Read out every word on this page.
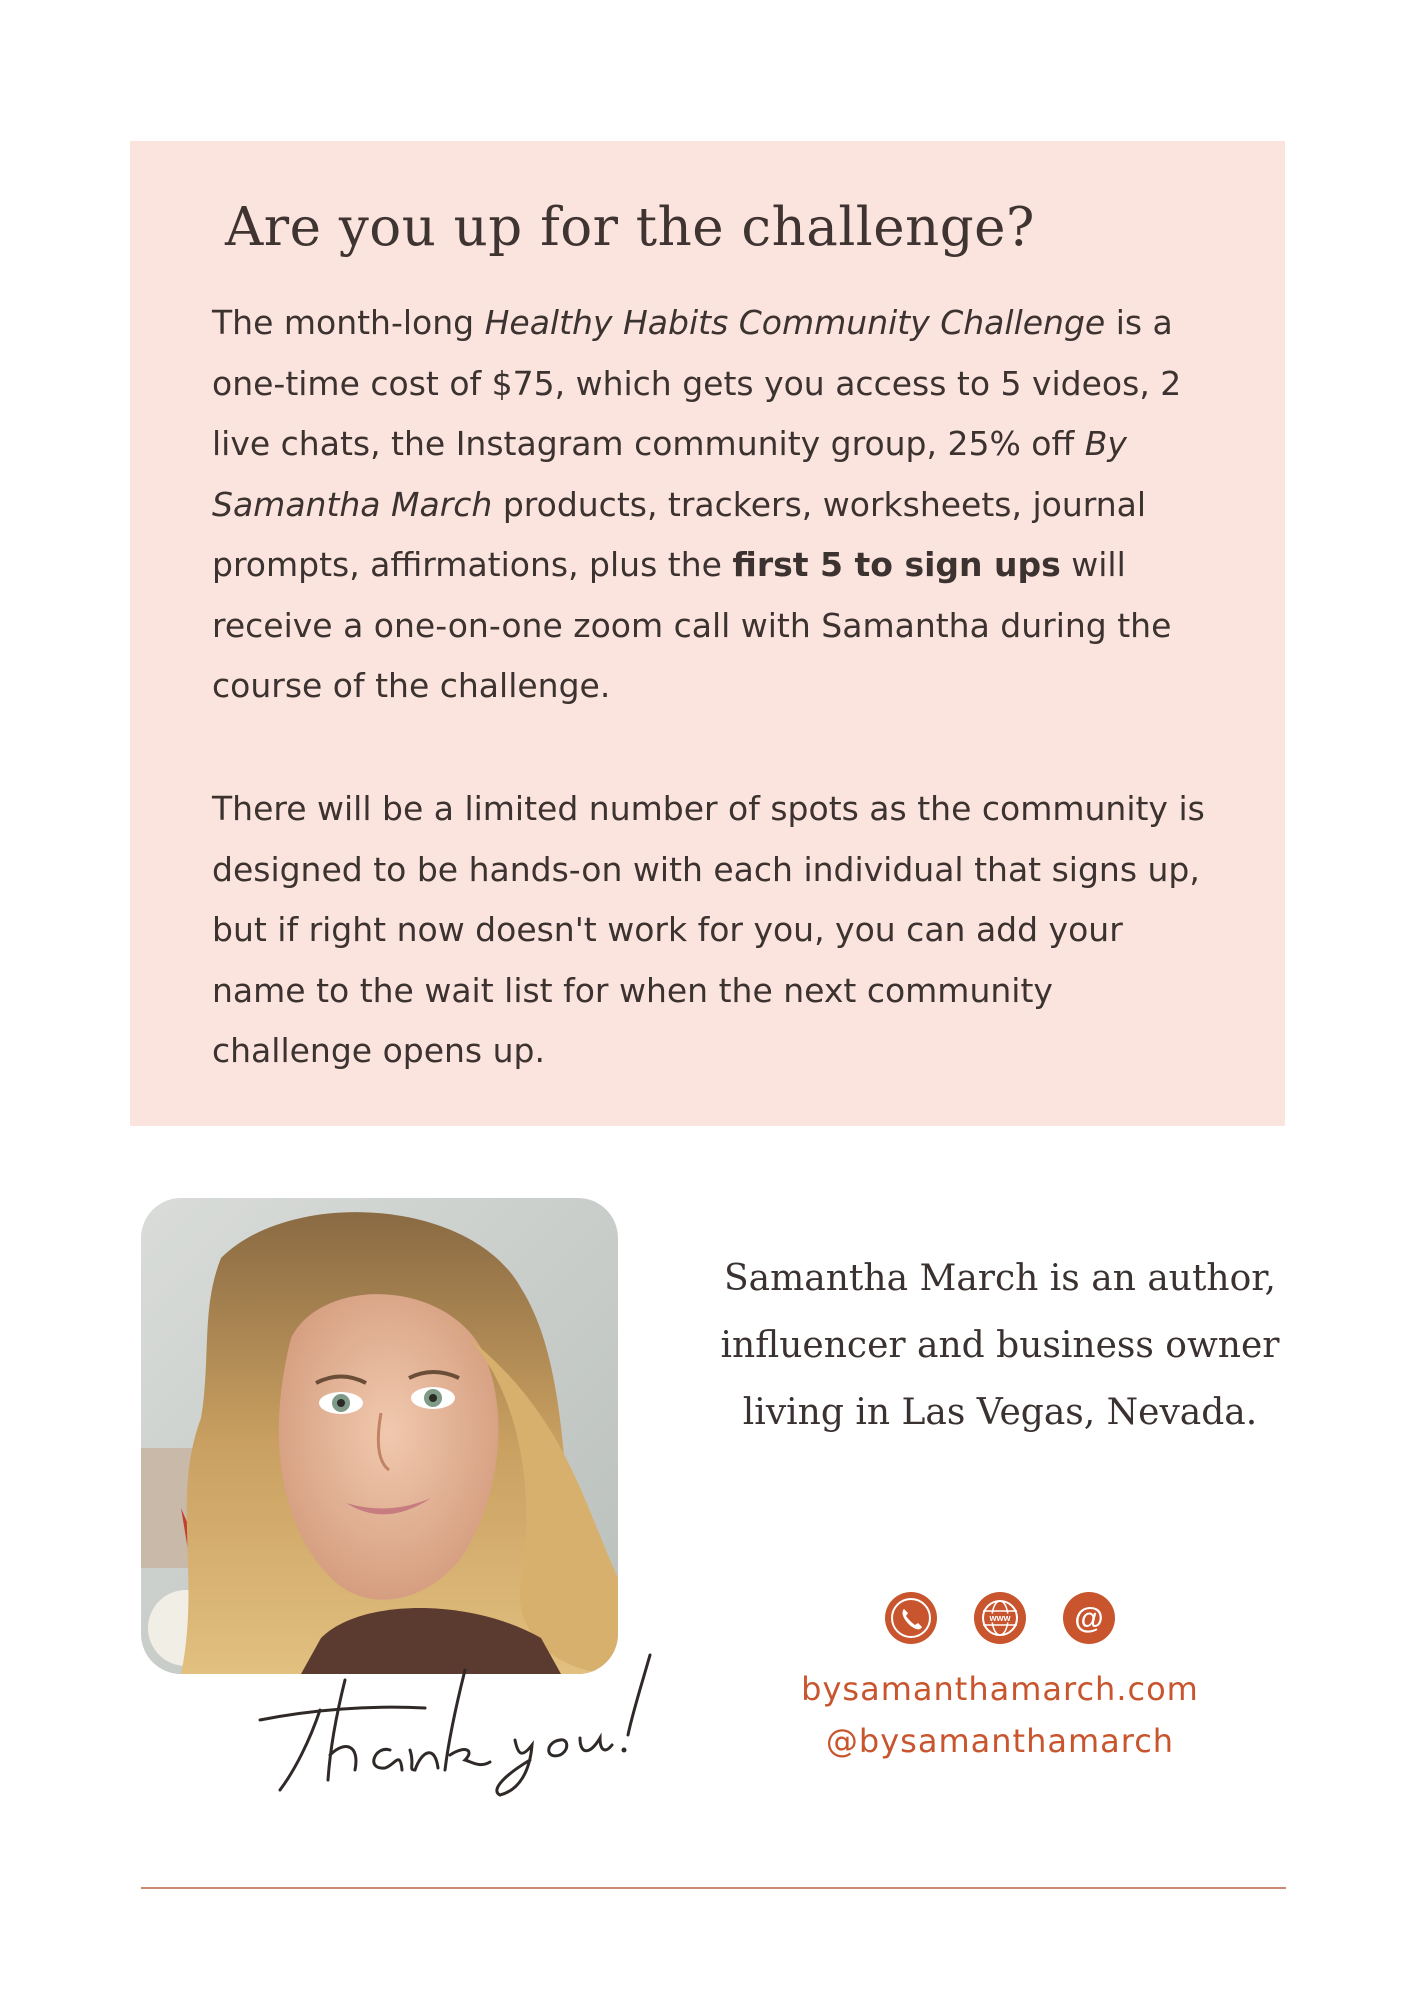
Are you up for the challenge?

The month-long Healthy Habits Community Challenge is a one-time cost of $75, which gets you access to 5 videos, 2 live chats, the Instagram community group, 25% off By Samantha March products, trackers, worksheets, journal prompts, affirmations, plus the first 5 to sign ups will receive a one-on-one zoom call with Samantha during the course of the challenge.

There will be a limited number of spots as the community is designed to be hands-on with each individual that signs up, but if right now doesn't work for you, you can add your name to the wait list for when the next community challenge opens up.

Samantha March is an author, influencer and business owner living in Las Vegas, Nevada.

www @

bysamanthamarch.com

@bysamanthamarch
